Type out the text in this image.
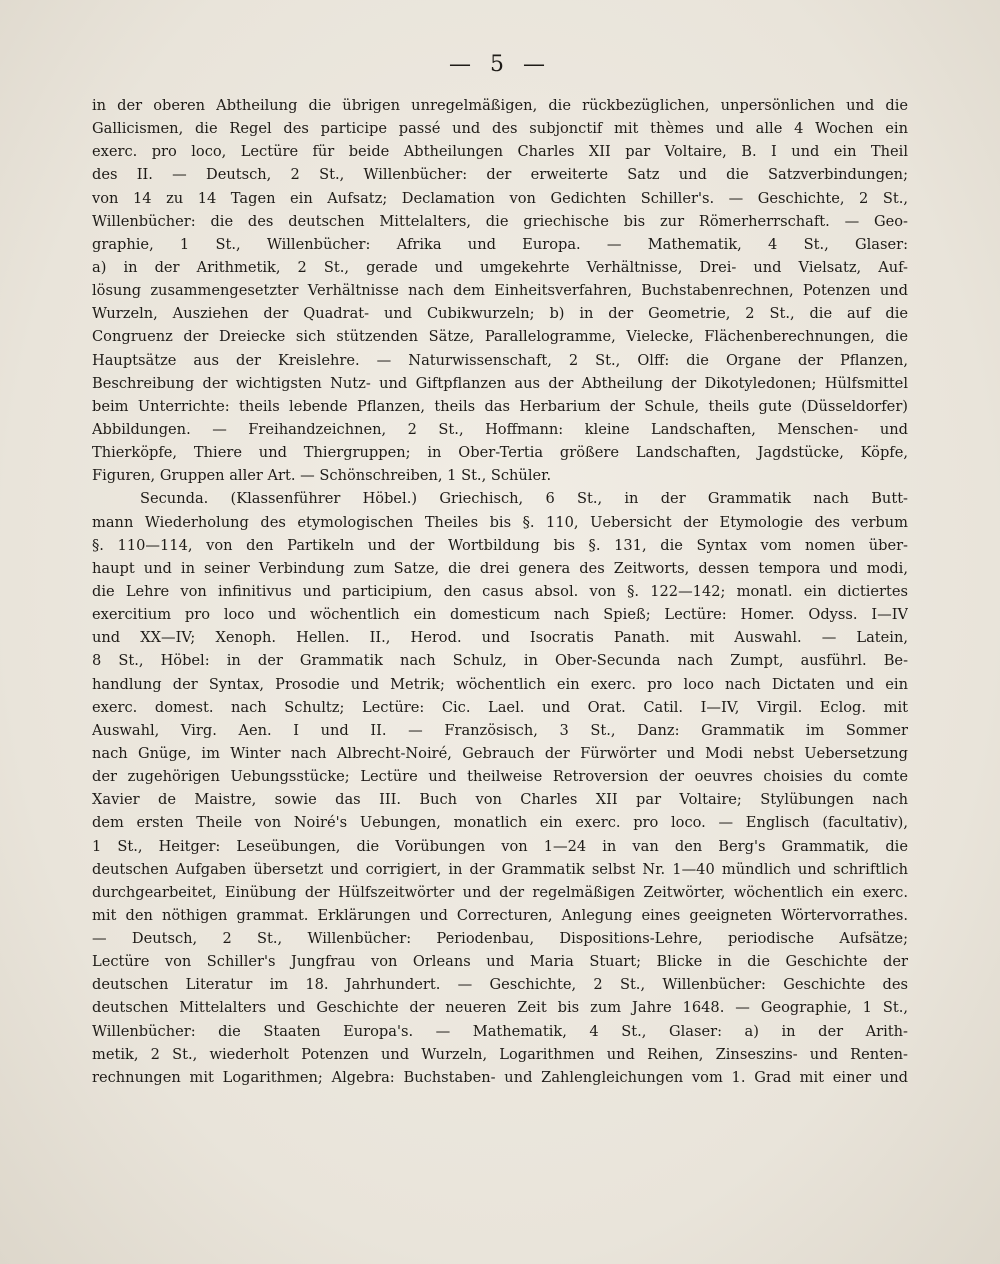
— 5 —
in der oberen Abtheilung die übrigen unregelmäßigen, die rückbezüglichen, unpersönlichen und die
Gallicismen, die Regel des participe passé und des subjonctif mit thèmes und alle 4 Wochen ein
exerc. pro loco, Lectüre für beide Abtheilungen Charles XII par Voltaire, B. I und ein Theil
des II. — Deutsch, 2 St., Willenbücher: der erweiterte Satz und die Satzverbindungen;
von 14 zu 14 Tagen ein Aufsatz; Declamation von Gedichten Schiller's. — Geschichte, 2 St.,
Willenbücher: die des deutschen Mittelalters, die griechische bis zur Römerherrschaft. — Geo-
graphie, 1 St., Willenbücher: Afrika und Europa. — Mathematik, 4 St., Glaser:
a) in der Arithmetik, 2 St., gerade und umgekehrte Verhältnisse, Drei- und Vielsatz, Auf-
lösung zusammengesetzter Verhältnisse nach dem Einheitsverfahren, Buchstabenrechnen, Potenzen und
Wurzeln, Ausziehen der Quadrat- und Cubikwurzeln; b) in der Geometrie, 2 St., die auf die
Congruenz der Dreiecke sich stützenden Sätze, Parallelogramme, Vielecke, Flächenberechnungen, die
Hauptsätze aus der Kreislehre. — Naturwissenschaft, 2 St., Olff: die Organe der Pflanzen,
Beschreibung der wichtigsten Nutz- und Giftpflanzen aus der Abtheilung der Dikotyledonen; Hülfsmittel
beim Unterrichte: theils lebende Pflanzen, theils das Herbarium der Schule, theils gute (Düsseldorfer)
Abbildungen. — Freihandzeichnen, 2 St., Hoffmann: kleine Landschaften, Menschen- und
Thierköpfe, Thiere und Thiergruppen; in Ober-Tertia größere Landschaften, Jagdstücke, Köpfe,
Figuren, Gruppen aller Art. — Schönschreiben, 1 St., Schüler.
Secunda. (Klassenführer Höbel.) Griechisch, 6 St., in der Grammatik nach Butt-
mann Wiederholung des etymologischen Theiles bis §. 110, Uebersicht der Etymologie des verbum
§. 110—114, von den Partikeln und der Wortbildung bis §. 131, die Syntax vom nomen über-
haupt und in seiner Verbindung zum Satze, die drei genera des Zeitworts, dessen tempora und modi,
die Lehre von infinitivus und participium, den casus absol. von §. 122—142; monatl. ein dictiertes
exercitium pro loco und wöchentlich ein domesticum nach Spieß; Lectüre: Homer. Odyss. I—IV
und XX—IV; Xenoph. Hellen. II., Herod. und Isocratis Panath. mit Auswahl. — Latein,
8 St., Höbel: in der Grammatik nach Schulz, in Ober-Secunda nach Zumpt, ausführl. Be-
handlung der Syntax, Prosodie und Metrik; wöchentlich ein exerc. pro loco nach Dictaten und ein
exerc. domest. nach Schultz; Lectüre: Cic. Lael. und Orat. Catil. I—IV, Virgil. Eclog. mit
Auswahl, Virg. Aen. I und II. — Französisch, 3 St., Danz: Grammatik im Sommer
nach Gnüge, im Winter nach Albrecht-Noiré, Gebrauch der Fürwörter und Modi nebst Uebersetzung
der zugehörigen Uebungsstücke; Lectüre und theilweise Retroversion der oeuvres choisies du comte
Xavier de Maistre, sowie das III. Buch von Charles XII par Voltaire; Stylübungen nach
dem ersten Theile von Noiré's Uebungen, monatlich ein exerc. pro loco. — Englisch (facultativ),
1 St., Heitger: Leseübungen, die Vorübungen von 1—24 in van den Berg's Grammatik, die
deutschen Aufgaben übersetzt und corrigiert, in der Grammatik selbst Nr. 1—40 mündlich und schriftlich
durchgearbeitet, Einübung der Hülfszeitwörter und der regelmäßigen Zeitwörter, wöchentlich ein exerc.
mit den nöthigen grammat. Erklärungen und Correcturen, Anlegung eines geeigneten Wörtervorrathes.
— Deutsch, 2 St., Willenbücher: Periodenbau, Dispositions-Lehre, periodische Aufsätze;
Lectüre von Schiller's Jungfrau von Orleans und Maria Stuart; Blicke in die Geschichte der
deutschen Literatur im 18. Jahrhundert. — Geschichte, 2 St., Willenbücher: Geschichte des
deutschen Mittelalters und Geschichte der neueren Zeit bis zum Jahre 1648. — Geographie, 1 St.,
Willenbücher: die Staaten Europa's. — Mathematik, 4 St., Glaser: a) in der Arith-
metik, 2 St., wiederholt Potenzen und Wurzeln, Logarithmen und Reihen, Zinseszins- und Renten-
rechnungen mit Logarithmen; Algebra: Buchstaben- und Zahlengleichungen vom 1. Grad mit einer und
